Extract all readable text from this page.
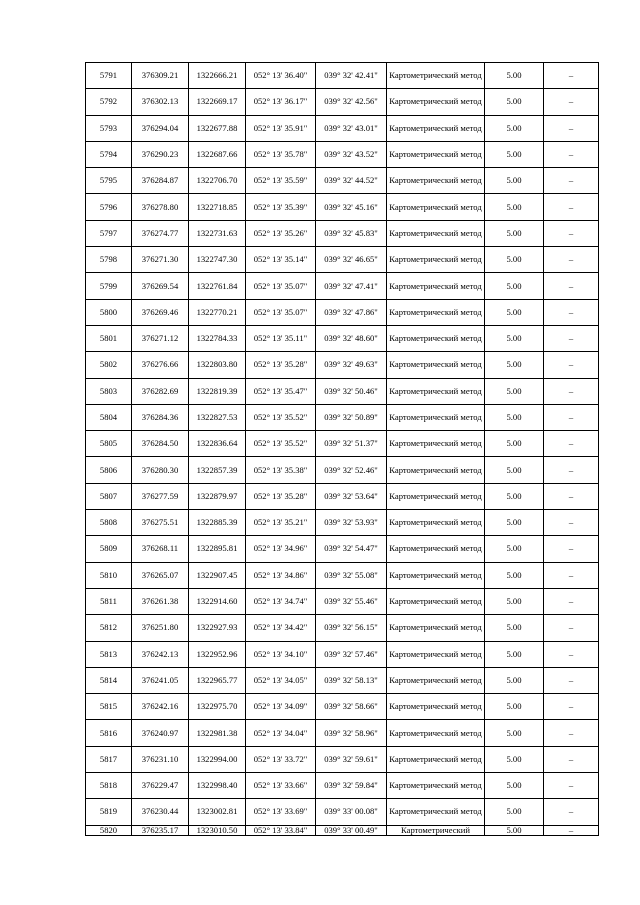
5791	376309.21	1322666.21	052° 13' 36.40"	039° 32' 42.41"	Картометрический метод	5.00	–
5792	376302.13	1322669.17	052° 13' 36.17"	039° 32' 42.56"	Картометрический метод	5.00	–
5793	376294.04	1322677.88	052° 13' 35.91"	039° 32' 43.01"	Картометрический метод	5.00	–
5794	376290.23	1322687.66	052° 13' 35.78"	039° 32' 43.52"	Картометрический метод	5.00	–
5795	376284.87	1322706.70	052° 13' 35.59"	039° 32' 44.52"	Картометрический метод	5.00	–
5796	376278.80	1322718.85	052° 13' 35.39"	039° 32' 45.16"	Картометрический метод	5.00	–
5797	376274.77	1322731.63	052° 13' 35.26"	039° 32' 45.83"	Картометрический метод	5.00	–
5798	376271.30	1322747.30	052° 13' 35.14"	039° 32' 46.65"	Картометрический метод	5.00	–
5799	376269.54	1322761.84	052° 13' 35.07"	039° 32' 47.41"	Картометрический метод	5.00	–
5800	376269.46	1322770.21	052° 13' 35.07"	039° 32' 47.86"	Картометрический метод	5.00	–
5801	376271.12	1322784.33	052° 13' 35.11"	039° 32' 48.60"	Картометрический метод	5.00	–
5802	376276.66	1322803.80	052° 13' 35.28"	039° 32' 49.63"	Картометрический метод	5.00	–
5803	376282.69	1322819.39	052° 13' 35.47"	039° 32' 50.46"	Картометрический метод	5.00	–
5804	376284.36	1322827.53	052° 13' 35.52"	039° 32' 50.89"	Картометрический метод	5.00	–
5805	376284.50	1322836.64	052° 13' 35.52"	039° 32' 51.37"	Картометрический метод	5.00	–
5806	376280.30	1322857.39	052° 13' 35.38"	039° 32' 52.46"	Картометрический метод	5.00	–
5807	376277.59	1322879.97	052° 13' 35.28"	039° 32' 53.64"	Картометрический метод	5.00	–
5808	376275.51	1322885.39	052° 13' 35.21"	039° 32' 53.93"	Картометрический метод	5.00	–
5809	376268.11	1322895.81	052° 13' 34.96"	039° 32' 54.47"	Картометрический метод	5.00	–
5810	376265.07	1322907.45	052° 13' 34.86"	039° 32' 55.08"	Картометрический метод	5.00	–
5811	376261.38	1322914.60	052° 13' 34.74"	039° 32' 55.46"	Картометрический метод	5.00	–
5812	376251.80	1322927.93	052° 13' 34.42"	039° 32' 56.15"	Картометрический метод	5.00	–
5813	376242.13	1322952.96	052° 13' 34.10"	039° 32' 57.46"	Картометрический метод	5.00	–
5814	376241.05	1322965.77	052° 13' 34.05"	039° 32' 58.13"	Картометрический метод	5.00	–
5815	376242.16	1322975.70	052° 13' 34.09"	039° 32' 58.66"	Картометрический метод	5.00	–
5816	376240.97	1322981.38	052° 13' 34.04"	039° 32' 58.96"	Картометрический метод	5.00	–
5817	376231.10	1322994.00	052° 13' 33.72"	039° 32' 59.61"	Картометрический метод	5.00	–
5818	376229.47	1322998.40	052° 13' 33.66"	039° 32' 59.84"	Картометрический метод	5.00	–
5819	376230.44	1323002.81	052° 13' 33.69"	039° 33' 00.08"	Картометрический метод	5.00	–
5820	376235.17	1323010.50	052° 13' 33.84"	039° 33' 00.49"	Картометрический	5.00	–
